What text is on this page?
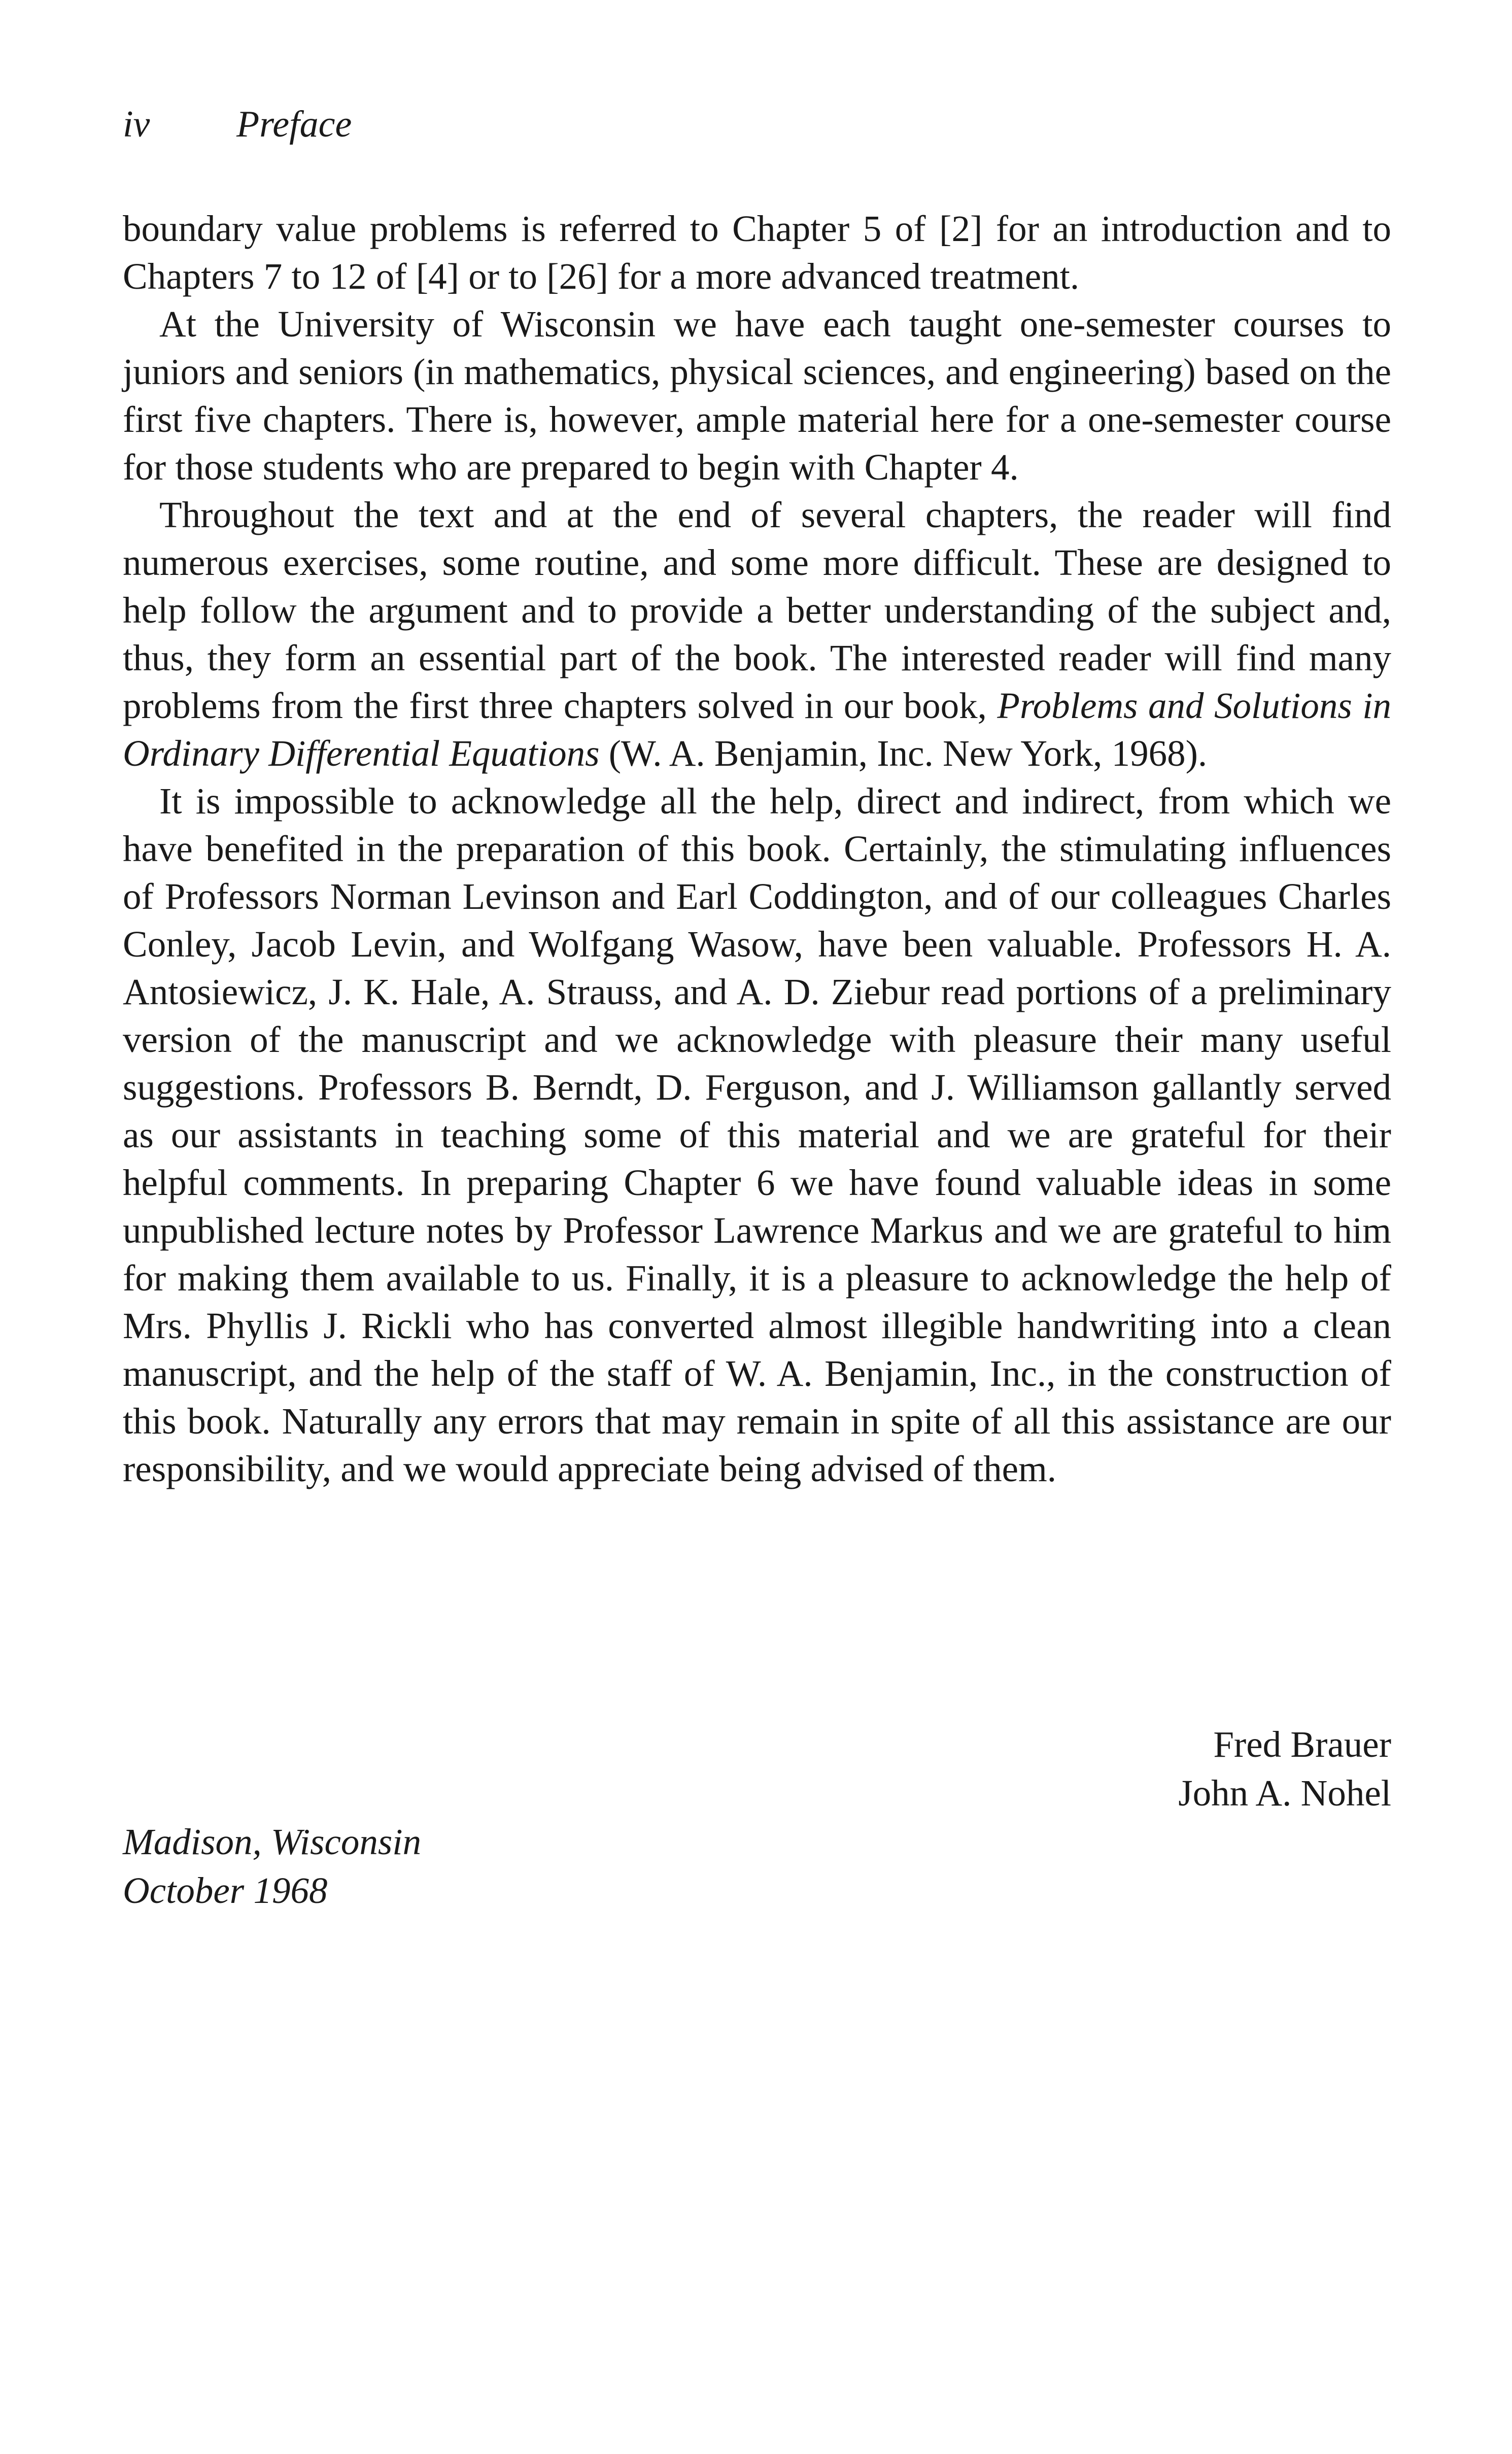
iv Preface

boundary value problems is referred to Chapter 5 of [2] for an introduction and to Chapters 7 to 12 of [4] or to [26] for a more advanced treatment.

At the University of Wisconsin we have each taught one-semester courses to juniors and seniors (in mathematics, physical sciences, and engineering) based on the first five chapters. There is, however, ample material here for a one-semester course for those students who are prepared to begin with Chapter 4.

Throughout the text and at the end of several chapters, the reader will find numerous exercises, some routine, and some more difficult. These are designed to help follow the argument and to provide a better understanding of the subject and, thus, they form an essential part of the book. The interested reader will find many problems from the first three chapters solved in our book, Problems and Solutions in Ordinary Differential Equations (W. A. Benjamin, Inc. New York, 1968).

It is impossible to acknowledge all the help, direct and indirect, from which we have benefited in the preparation of this book. Certainly, the stimulating influences of Professors Norman Levinson and Earl Coddington, and of our colleagues Charles Conley, Jacob Levin, and Wolfgang Wasow, have been valuable. Professors H. A. Antosiewicz, J. K. Hale, A. Strauss, and A. D. Ziebur read portions of a preliminary version of the manuscript and we acknowledge with pleasure their many useful suggestions. Professors B. Berndt, D. Ferguson, and J. Williamson gallantly served as our assistants in teaching some of this material and we are grateful for their helpful comments. In preparing Chapter 6 we have found valuable ideas in some unpublished lecture notes by Professor Lawrence Markus and we are grateful to him for making them available to us. Finally, it is a pleasure to acknowledge the help of Mrs. Phyllis J. Rickli who has converted almost illegible handwriting into a clean manuscript, and the help of the staff of W. A. Benjamin, Inc., in the construction of this book. Naturally any errors that may remain in spite of all this assistance are our responsibility, and we would appreciate being advised of them.

Fred Brauer
John A. Nohel
Madison, Wisconsin
October 1968
